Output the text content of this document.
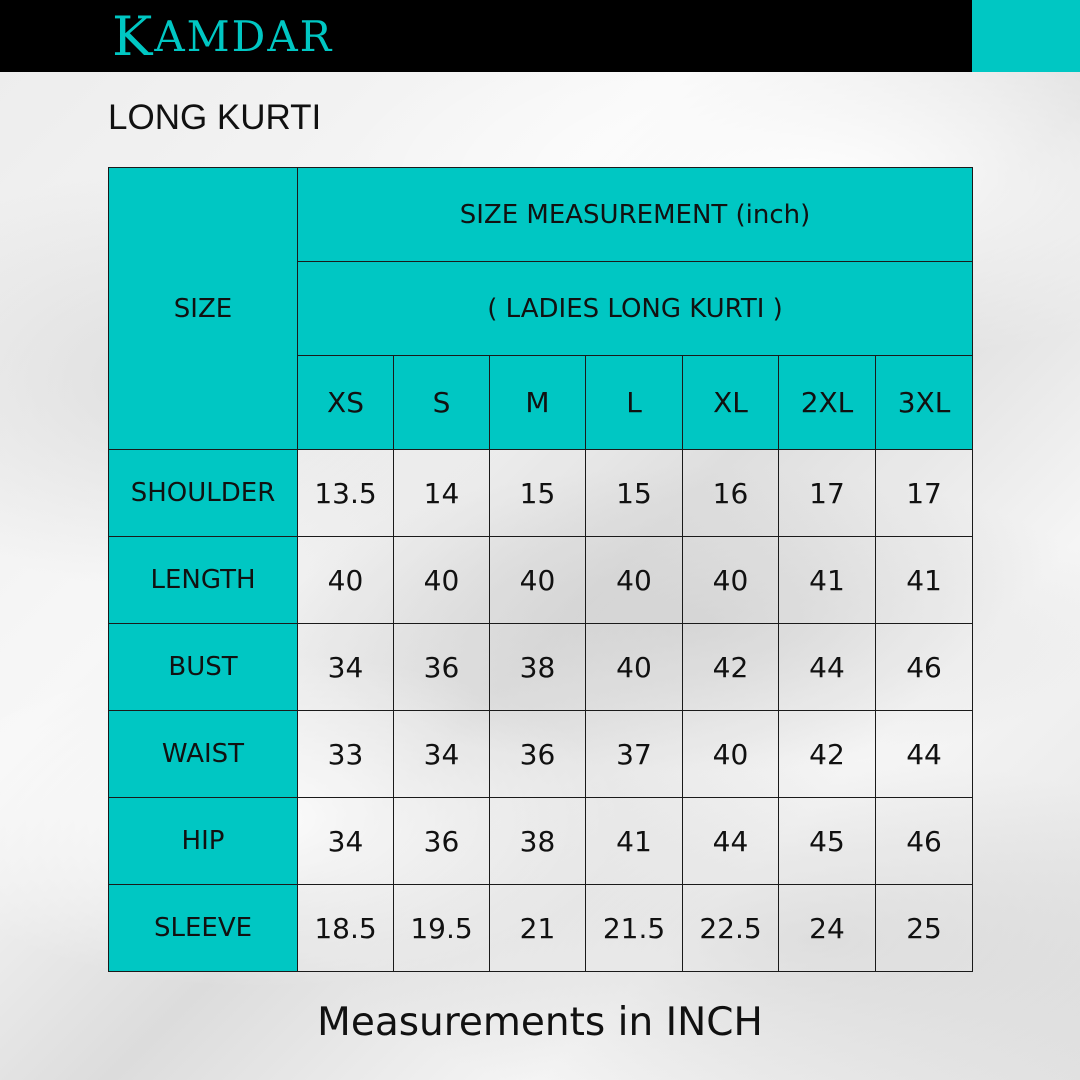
K AMDAR
LONG KURTI
SIZE	SIZE MEASUREMENT (inch)						
	( LADIES LONG KURTI )						
	XS	S	M	L	XL	2XL	3XL
SHOULDER	13.5	14	15	15	16	17	17
LENGTH	40	40	40	40	40	41	41
BUST	34	36	38	40	42	44	46
WAIST	33	34	36	37	40	42	44
HIP	34	36	38	41	44	45	46
SLEEVE	18.5	19.5	21	21.5	22.5	24	25
Measurements in INCH
